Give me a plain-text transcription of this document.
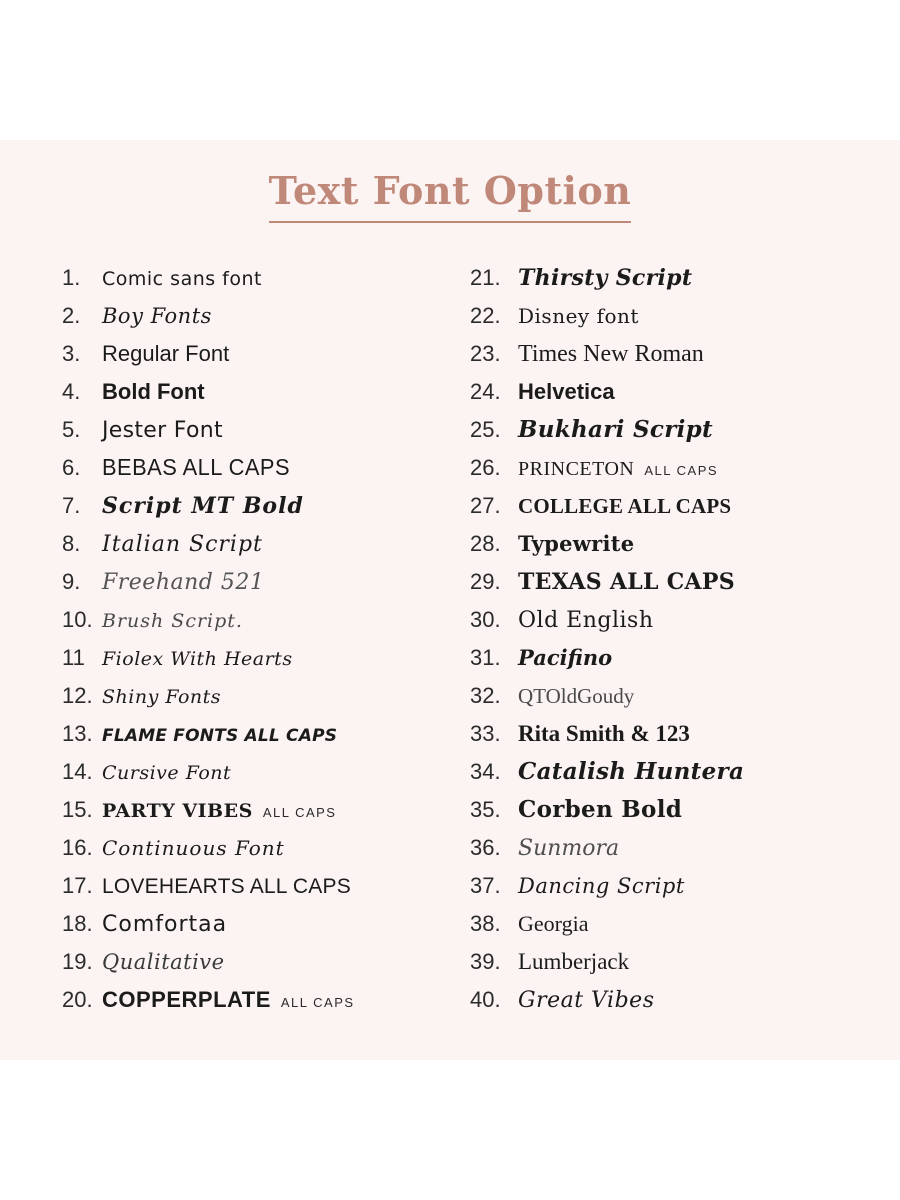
Text Font Option
1.	Comic sans font
2.	Boy Fonts
3. Regular Font
4. Bold Font
5. Jester Font
6. BEBAS ALL CAPS
7. Script MT Bold
8. Italian Script
9. Freehand 521
10. Brush Script.
11 Fiolex With Hearts
12. Shiny Fonts
13. FLAME FONTS ALL CAPS
14. Cursive Font
15. PARTY VIBES ALL CAPS
16. Continuous Font
17. LOVEHEARTS ALL CAPS
18. Comfortaa
19. Qualitative
20. COPPERPLATE ALL CAPS
21. Thirsty Script
22. Disney font
23. Times New Roman
24. Helvetica
25. Bukhari Script
26. PRINCETON ALL CAPS
27. COLLEGE ALL CAPS
28. Typewrite
29. TEXAS ALL CAPS
30. Old English
31. Pacifino
32. QTOldGoudy
33. Rita Smith & 123
34. Catalish Huntera
35. Corben Bold
36. Sunmora
37. Dancing Script
38. Georgia
39. Lumberjack
40. Great Vibes
